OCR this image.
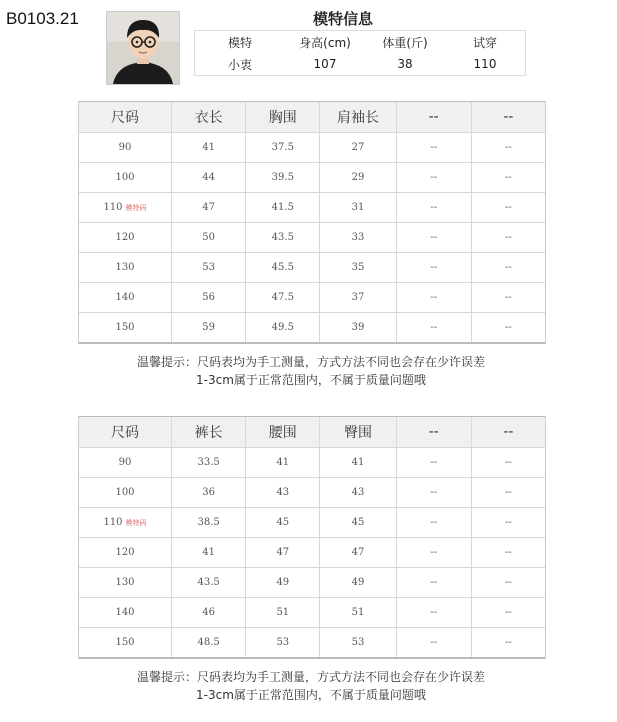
B0103.21	模特信息
模特	身高(cm)	体重(斤)	试穿
小衷	107	38	110
尺码	衣长	胸围	肩袖长	--	--
90	41	37.5	27	--	--
100	44	39.5	29	--	--
110 模特码	47	41.5	31	--	--
120	50	43.5	33	--	--
130	53	45.5	35	--	--
140	56	47.5	37	--	--
150	59	49.5	39	--	--
温馨提示：尺码表均为手工测量，方式方法不同也会存在少许误差
1-3cm属于正常范围内，不属于质量问题哦
尺码	裤长	腰围	臀围	--	--
90	33.5	41	41	--	--
100	36	43	43	--	--
110 模特码	38.5	45	45	--	--
120	41	47	47	--	--
130	43.5	49	49	--	--
140	46	51	51	--	--
150	48.5	53	53	--	--
温馨提示：尺码表均为手工测量，方式方法不同也会存在少许误差
1-3cm属于正常范围内，不属于质量问题哦
